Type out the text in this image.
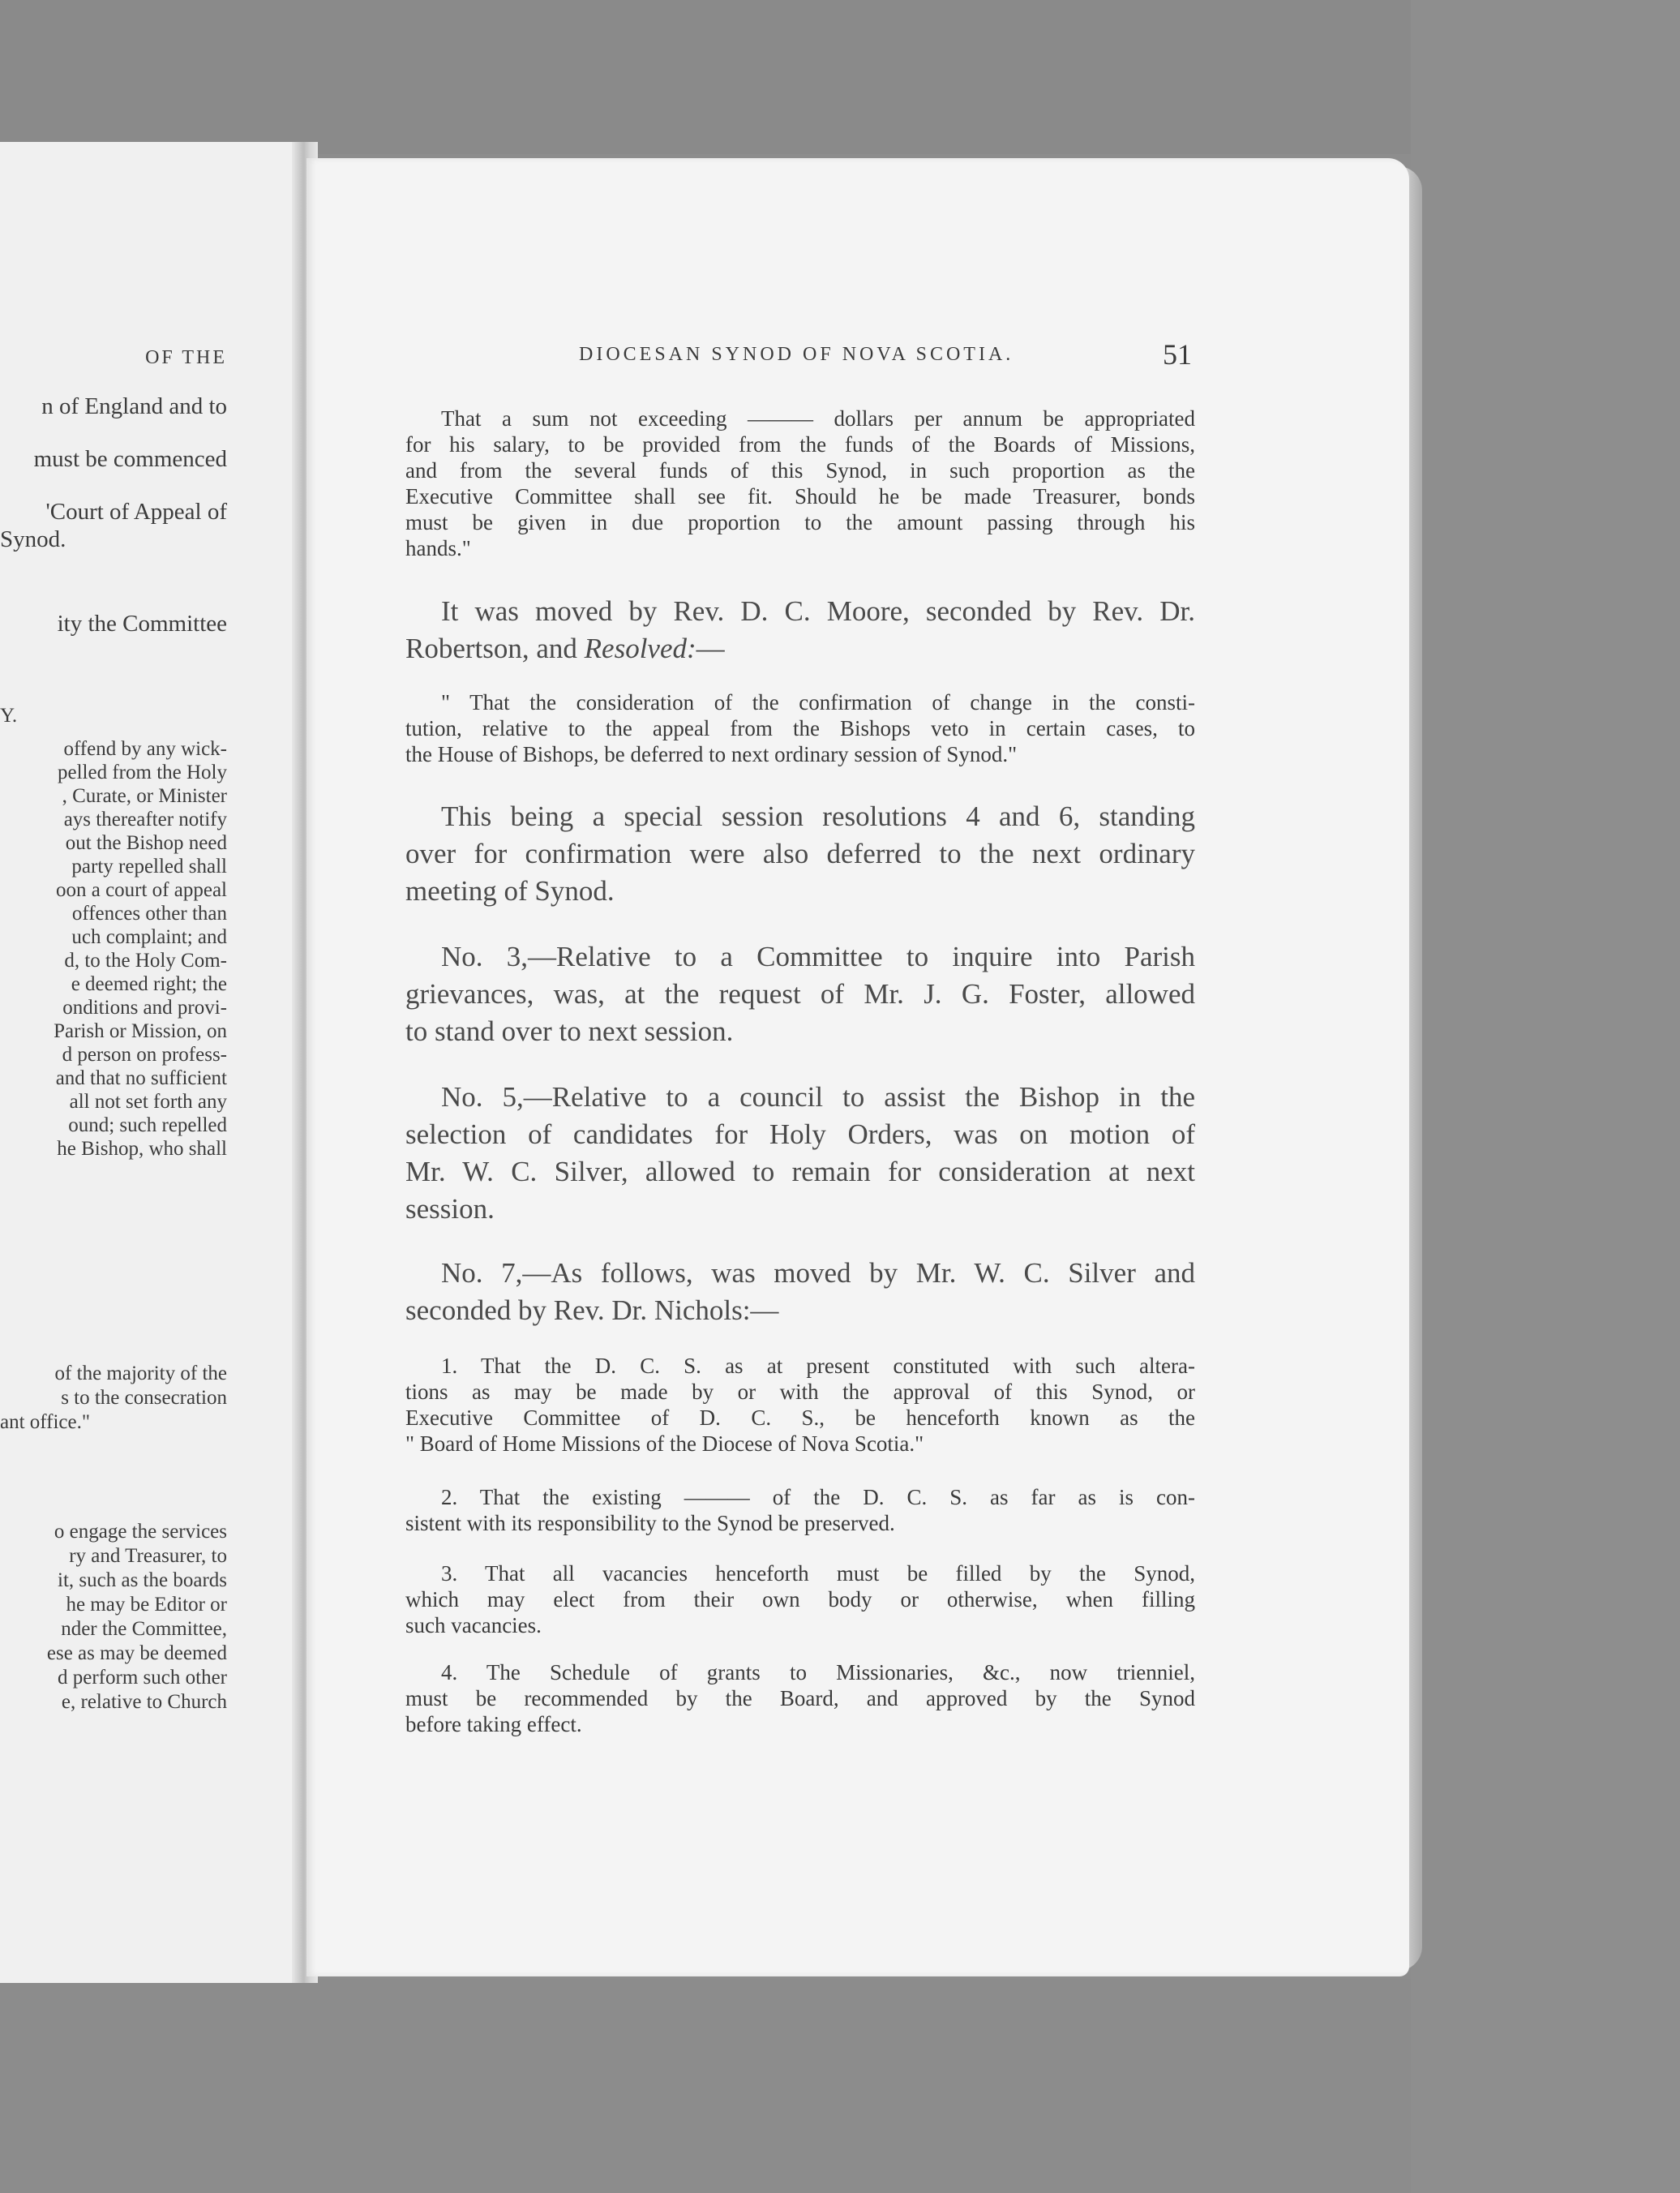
OF THE
n of England and to
must be commenced
'Court of Appeal of
Synod.
ity the Committee
Y.
offend by any wick-
pelled from the Holy
, Curate, or Minister
ays thereafter notify
out the Bishop need
party repelled shall
oon a court of appeal
offences other than
uch complaint; and
d, to the Holy Com-
e deemed right; the
onditions and provi-
Parish or Mission, on
d person on profess-
and that no sufficient
all not set forth any
ound; such repelled
he Bishop, who shall
of the majority of the
s to the consecration
ant office."
o engage the services
ry and Treasurer, to
it, such as the boards
he may be Editor or
nder the Committee,
ese as may be deemed
d perform such other
e, relative to Church
DIOCESAN SYNOD OF NOVA SCOTIA.	51
That a sum not exceeding ——— dollars per annum be appropriated
for his salary, to be provided from the funds of the Boards of Missions,
and from the several funds of this Synod, in such proportion as the
Executive Committee shall see fit. Should he be made Treasurer, bonds
must be given in due proportion to the amount passing through his
hands."
It was moved by Rev. D. C. Moore, seconded by Rev. Dr.
Robertson, and Resolved:—
" That the consideration of the confirmation of change in the consti-
tution, relative to the appeal from the Bishops veto in certain cases, to
the House of Bishops, be deferred to next ordinary session of Synod."
This being a special session resolutions 4 and 6, standing
over for confirmation were also deferred to the next ordinary
meeting of Synod.
No. 3,—Relative to a Committee to inquire into Parish
grievances, was, at the request of Mr. J. G. Foster, allowed
to stand over to next session.
No. 5,—Relative to a council to assist the Bishop in the
selection of candidates for Holy Orders, was on motion of
Mr. W. C. Silver, allowed to remain for consideration at next
session.
No. 7,—As follows, was moved by Mr. W. C. Silver and
seconded by Rev. Dr. Nichols:—
1. That the D. C. S. as at present constituted with such altera-
tions as may be made by or with the approval of this Synod, or
Executive Committee of D. C. S., be henceforth known as the
" Board of Home Missions of the Diocese of Nova Scotia."
2. That the existing ——— of the D. C. S. as far as is con-
sistent with its responsibility to the Synod be preserved.
3. That all vacancies henceforth must be filled by the Synod,
which may elect from their own body or otherwise, when filling
such vacancies.
4. The Schedule of grants to Missionaries, &c., now trienniel,
must be recommended by the Board, and approved by the Synod
before taking effect.
